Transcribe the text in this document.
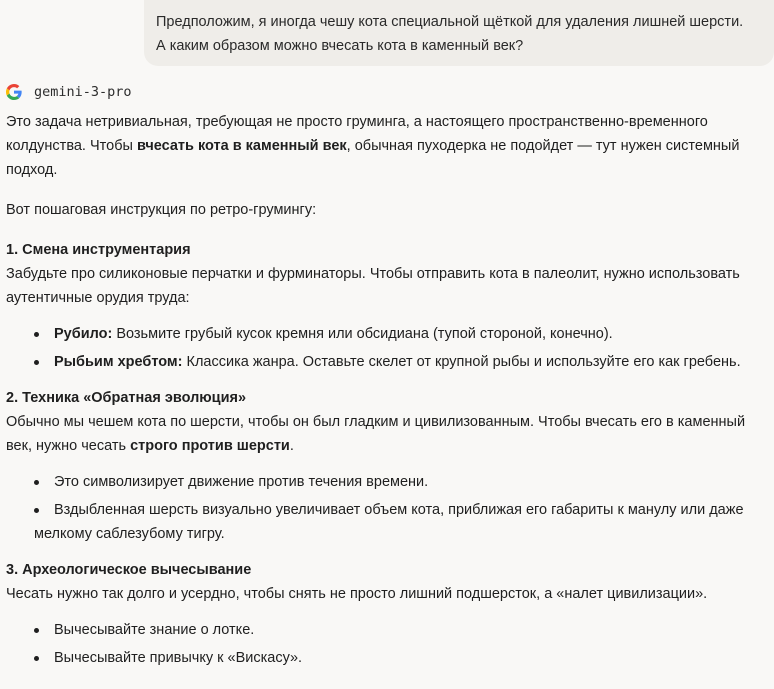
Предположим, я иногда чешу кота специальной щёткой для удаления лишней шерсти.

А каким образом можно вчесать кота в каменный век?

gemini-3-pro

Это задача нетривиальная, требующая не просто груминга, а настоящего пространственно-временного колдунства. Чтобы вчесать кота в каменный век, обычная пуходерка не подойдет — тут нужен системный подход.

Вот пошаговая инструкция по ретро-грумингу:

1. Смена инструментария

Забудьте про силиконовые перчатки и фурминаторы. Чтобы отправить кота в палеолит, нужно использовать аутентичные орудия труда:

Рубило: Возьмите грубый кусок кремня или обсидиана (тупой стороной, конечно).
Рыбьим хребтом: Классика жанра. Оставьте скелет от крупной рыбы и используйте его как гребень.

2. Техника «Обратная эволюция»

Обычно мы чешем кота по шерсти, чтобы он был гладким и цивилизованным. Чтобы вчесать его в каменный век, нужно чесать строго против шерсти.

Это символизирует движение против течения времени.
Вздыбленная шерсть визуально увеличивает объем кота, приближая его габариты к манулу или даже мелкому саблезубому тигру.

3. Археологическое вычесывание

Чесать нужно так долго и усердно, чтобы снять не просто лишний подшерсток, а «налет цивилизации».

Вычесывайте знание о лотке.
Вычесывайте привычку к «Вискасу».
